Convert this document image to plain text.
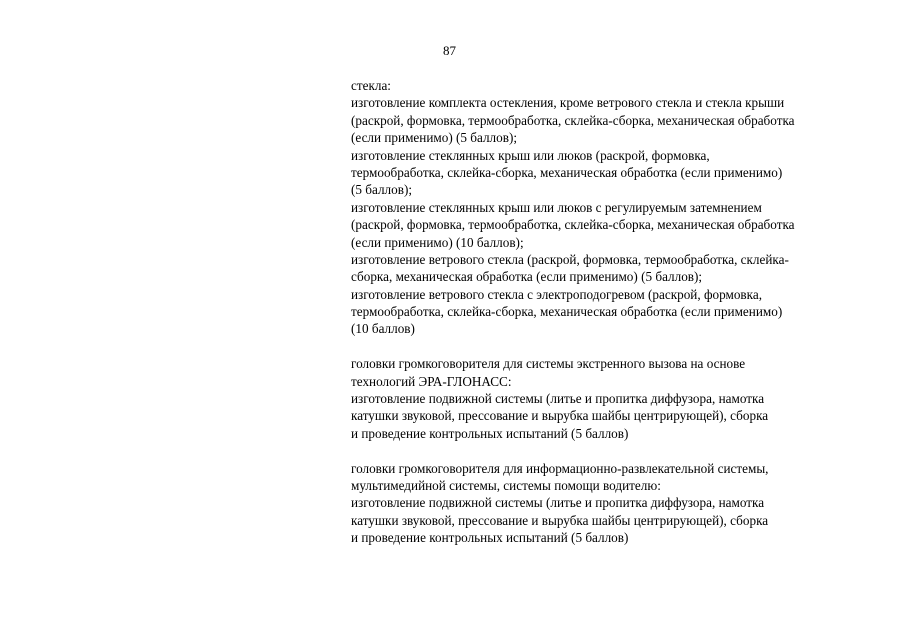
87
стекла:
изготовление комплекта остекления, кроме ветрового стекла и стекла крыши
(раскрой, формовка, термообработка, склейка-сборка, механическая обработка
(если применимо) (5 баллов);
изготовление стеклянных крыш или люков (раскрой, формовка,
термообработка, склейка-сборка, механическая обработка (если применимо)
(5 баллов);
изготовление стеклянных крыш или люков с регулируемым затемнением
(раскрой, формовка, термообработка, склейка-сборка, механическая обработка
(если применимо) (10 баллов);
изготовление ветрового стекла (раскрой, формовка, термообработка, склейка-
сборка, механическая обработка (если применимо) (5 баллов);
изготовление ветрового стекла с электроподогревом (раскрой, формовка,
термообработка, склейка-сборка, механическая обработка (если применимо)
(10 баллов)
головки громкоговорителя для системы экстренного вызова на основе
технологий ЭРА-ГЛОНАСС:
изготовление подвижной системы (литье и пропитка диффузора, намотка
катушки звуковой, прессование и вырубка шайбы центрирующей), сборка
и проведение контрольных испытаний (5 баллов)
головки громкоговорителя для информационно-развлекательной системы,
мультимедийной системы, системы помощи водителю:
изготовление подвижной системы (литье и пропитка диффузора, намотка
катушки звуковой, прессование и вырубка шайбы центрирующей), сборка
и проведение контрольных испытаний (5 баллов)
